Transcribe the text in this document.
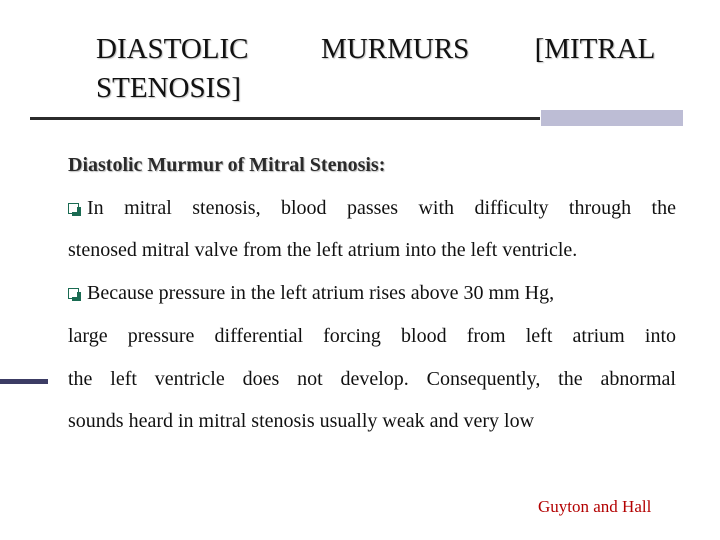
DIASTOLIC	MURMURS [MITRAL
STENOSIS]
Diastolic Murmur of Mitral Stenosis:
In mitral stenosis, blood passes with difficulty through the
stenosed mitral valve from the left atrium into the left ventricle.
Because pressure in the left atrium rises above 30 mm Hg,
large pressure differential forcing blood from left atrium into
the left ventricle does not develop. Consequently, the abnormal
sounds heard in mitral stenosis usually weak and very low
Guyton and Hall
